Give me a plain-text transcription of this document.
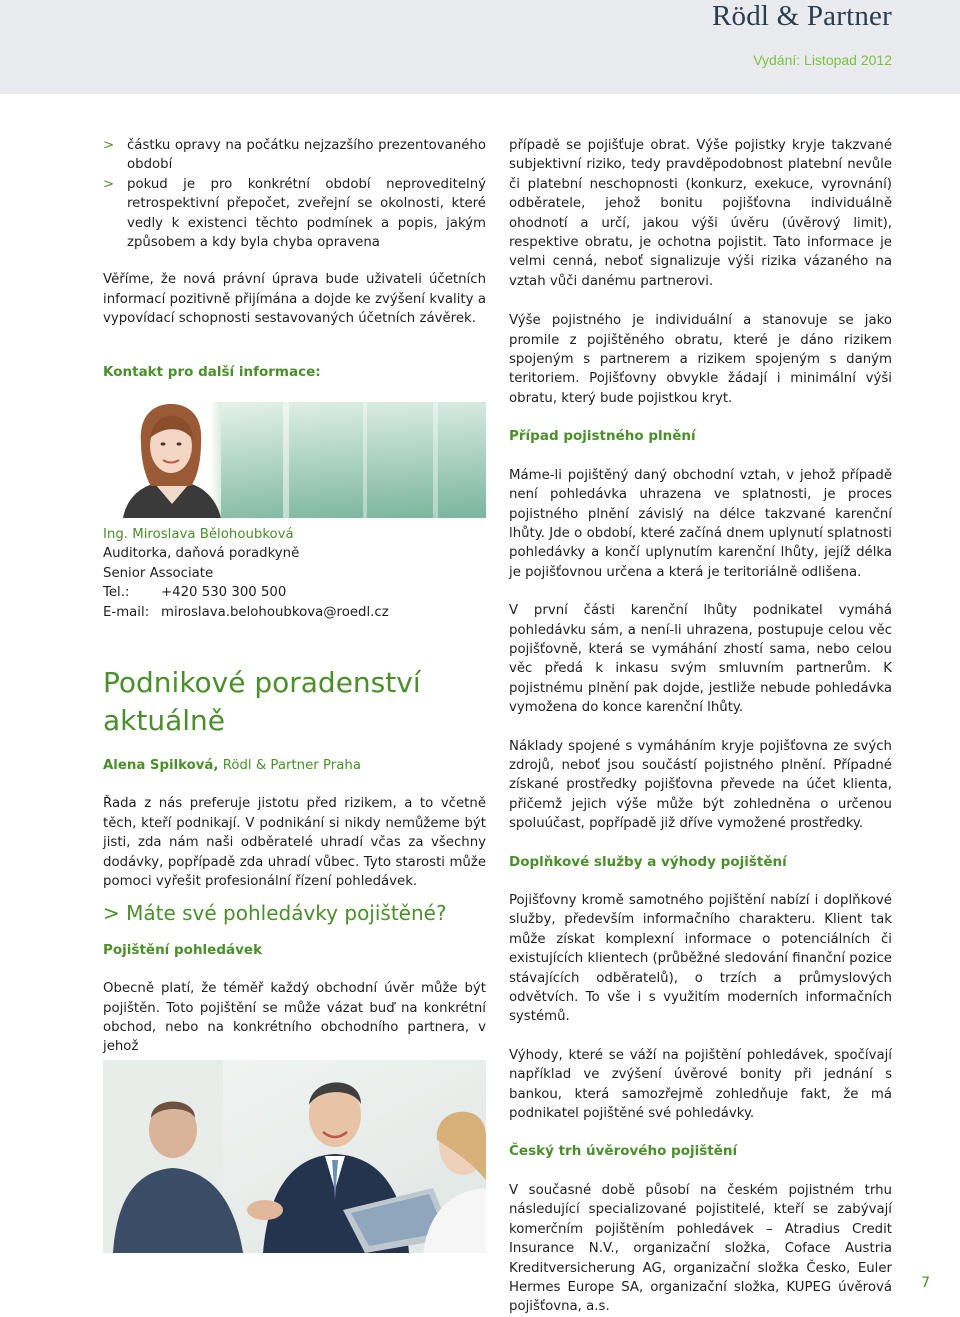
Rödl & Partner
Vydání: Listopad 2012
> částku opravy na počátku nejzazšího prezentovaného období
> pokud je pro konkrétní období neproveditelný retrospektivní přepočet, zveřejní se okolnosti, které vedly k existenci těchto podmínek a popis, jakým způsobem a kdy byla chyba opravena

Věříme, že nová právní úprava bude uživateli účetních informací pozitivně přijímána a dojde ke zvýšení kvality a vypovídací schopnosti sestavovaných účetních závěrek.

Kontakt pro další informace:

Ing. Miroslava Bělohoubková
Auditorka, daňová poradkyně
Senior Associate
Tel.:	+420 530 300 500
E-mail: miroslava.belohoubkova@roedl.cz
Podnikové poradenství
aktuálně
Alena Spilková, Rödl & Partner Praha

Řada z nás preferuje jistotu před rizikem, a to včetně těch, kteří podnikají. V podnikání si nikdy nemůžeme být jisti, zda nám naši odběratelé uhradí včas za všechny dodávky, popřípadě zda uhradí vůbec. Tyto starosti může pomoci vyřešit profesionální řízení pohledávek.

> Máte své pohledávky pojištěné?

Pojištění pohledávek

Obecně platí, že téměř každý obchodní úvěr může být pojištěn. Toto pojištění se může vázat buď na konkrétní obchod, nebo na konkrétního obchodního partnera, v jehož

případě se pojišťuje obrat. Výše pojistky kryje takzvané subjektivní riziko, tedy pravděpodobnost platební nevůle či platební neschopnosti (konkurz, exekuce, vyrovnání) odběratele, jehož bonitu pojišťovna individuálně ohodnotí a určí, jakou výši úvěru (úvěrový limit), respektive obratu, je ochotna pojistit. Tato informace je velmi cenná, neboť signalizuje výši rizika vázaného na vztah vůči danému partnerovi.

Výše pojistného je individuální a stanovuje se jako promile z pojištěného obratu, které je dáno rizikem spojeným s partnerem a rizikem spojeným s daným teritoriem. Pojišťovny obvykle žádají i minimální výši obratu, který bude pojistkou kryt.

Případ pojistného plnění

Máme-li pojištěný daný obchodní vztah, v jehož případě není pohledávka uhrazena ve splatnosti, je proces pojistného plnění závislý na délce takzvané karenční lhůty. Jde o období, které začíná dnem uplynutí splatnosti pohledávky a končí uplynutím karenční lhůty, jejíž délka je pojišťovnou určena a která je teritoriálně odlišena.

V první části karenční lhůty podnikatel vymáhá pohledávku sám, a není-li uhrazena, postupuje celou věc pojišťovně, která se vymáhání zhostí sama, nebo celou věc předá k inkasu svým smluvním partnerům. K pojistnému plnění pak dojde, jestliže nebude pohledávka vymožena do konce karenční lhůty.

Náklady spojené s vymáháním kryje pojišťovna ze svých zdrojů, neboť jsou součástí pojistného plnění. Případné získané prostředky pojišťovna převede na účet klienta, přičemž jejich výše může být zohledněna o určenou spoluúčast, popřípadě již dříve vymožené prostředky.

Doplňkové služby a výhody pojištění

Pojišťovny kromě samotného pojištění nabízí i doplňkové služby, především informačního charakteru. Klient tak může získat komplexní informace o potenciálních či existujících klientech (průběžné sledování finanční pozice stávajících odběratelů), o trzích a průmyslových odvětvích. To vše i s využitím moderních informačních systémů.

Výhody, které se váží na pojištění pohledávek, spočívají například ve zvýšení úvěrové bonity při jednání s bankou, která samozřejmě zohledňuje fakt, že má podnikatel pojištěné své pohledávky.

Český trh úvěrového pojištění

V současné době působí na českém pojistném trhu následující specializované pojistitelé, kteří se zabývají komerčním pojištěním pohledávek – Atradius Credit Insurance N.V., organizační složka, Coface Austria Kreditversicherung AG, organizační složka Česko, Euler Hermes Europe SA, organizační složka, KUPEG úvěrová pojišťovna, a.s.

7
